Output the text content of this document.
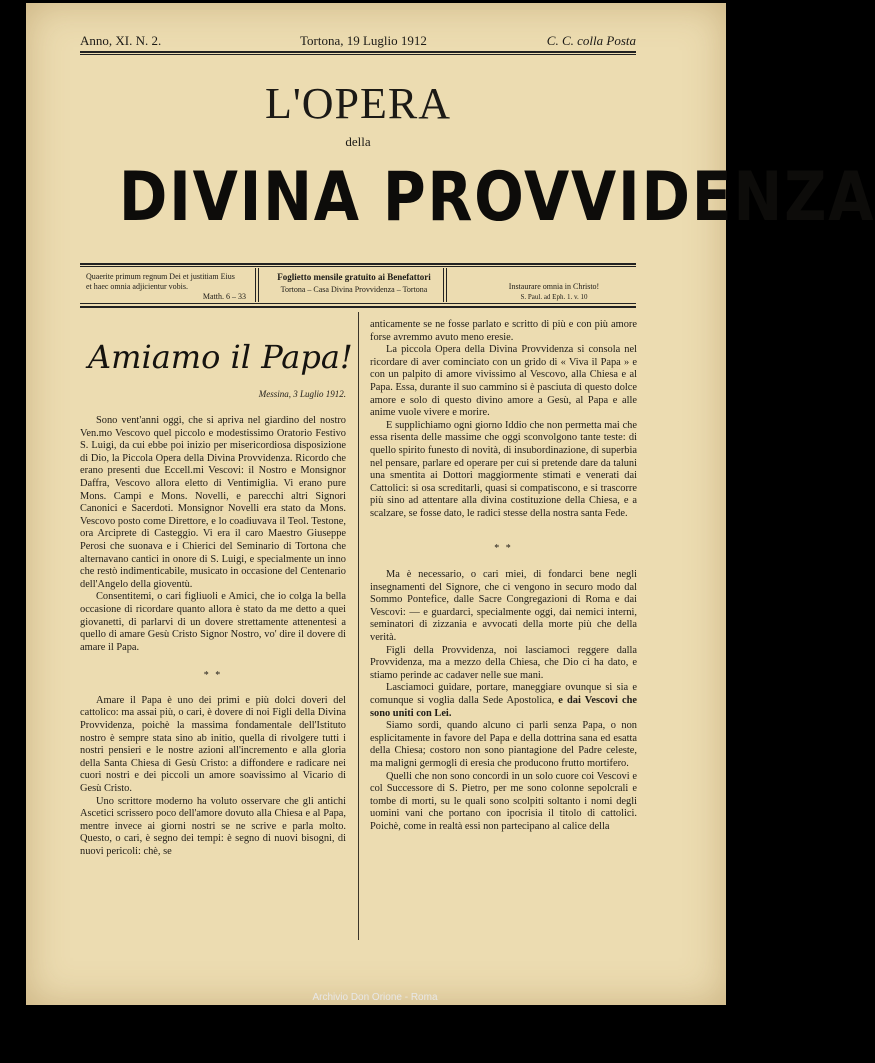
Anno, XI. N. 2.	Tortona, 19 Luglio 1912	C. C. colla Posta
L'OPERA
della
DIVINA PROVVIDENZA
Quaerite primum regnum Dei et justitiam Eius
et haec omnia adjicientur vobis.
Matth. 6 – 33
Foglietto mensile gratuito ai Benefattori
Tortona – Casa Divina Provvidenza – Tortona	Instaurare omnia in Christo!
S. Paul. ad Eph. 1. v. 10
Amiamo il Papa!
Messina, 3 Luglio 1912.

Sono vent'anni oggi, che si apriva nel giardino del nostro Ven.mo Vescovo quel piccolo e modestissimo Oratorio Festivo S. Luigi, da cui ebbe poi inizio per misericordiosa disposizione di Dio, la Piccola Opera della Divina Provvidenza. Ricordo che erano presenti due Eccell.mi Vescovi: il Nostro e Monsignor Daffra, Vescovo allora eletto di Ventimiglia. Vi erano pure Mons. Campi e Mons. Novelli, e parecchi altri Signori Canonici e Sacerdoti. Monsignor Novelli era stato da Mons. Vescovo posto come Direttore, e lo coadiuvava il Teol. Testone, ora Arciprete di Casteggio. Vi era il caro Maestro Giuseppe Perosi che suonava e i Chierici del Seminario di Tortona che alternavano cantici in onore di S. Luigi, e specialmente un inno che restò indimenticabile, musicato in occasione del Centenario dell'Angelo della gioventù.

Consentitemi, o cari figliuoli e Amici, che io colga la bella occasione di ricordare quanto allora è stato da me detto a quei giovanetti, di parlarvi di un dovere strettamente attenentesi a quello di amare Gesù Cristo Signor Nostro, vo' dire il dovere di amare il Papa.

* *

Amare il Papa è uno dei primi e più dolci doveri del cattolico: ma assai più, o cari, è dovere di noi Figli della Divina Provvidenza, poichè la massima fondamentale dell'Istituto nostro è sempre stata sino ab initio, quella di rivolgere tutti i nostri pensieri e le nostre azioni all'incremento e alla gloria della Santa Chiesa di Gesù Cristo: a diffondere e radicare nei cuori nostri e dei piccoli un amore soavissimo al Vicario di Gesù Cristo.

Uno scrittore moderno ha voluto osservare che gli antichi Ascetici scrissero poco dell'amore dovuto alla Chiesa e al Papa, mentre invece ai giorni nostri se ne scrive e parla molto. Questo, o cari, è segno dei tempi: è segno di nuovi bisogni, di nuovi pericoli: chè, se

anticamente se ne fosse parlato e scritto di più e con più amore forse avremmo avuto meno eresie.

La piccola Opera della Divina Provvidenza si consola nel ricordare di aver cominciato con un grido di « Viva il Papa » e con un palpito di amore vivissimo al Vescovo, alla Chiesa e al Papa. Essa, durante il suo cammino si è pasciuta di questo dolce amore e solo di questo divino amore a Gesù, al Papa e alle anime vuole vivere e morire.

E supplichiamo ogni giorno Iddio che non permetta mai che essa risenta delle massime che oggi sconvolgono tante teste: di quello spirito funesto di novità, di insubordinazione, di superbia nel pensare, parlare ed operare per cui si pretende dare da taluni una smentita ai Dottori maggiormente stimati e venerati dai Cattolici: si osa screditarli, quasi si compatiscono, e si trascorre più sino ad attentare alla divina costituzione della Chiesa, e a scalzare, se fosse dato, le radici stesse della nostra santa Fede.

* *

Ma è necessario, o cari miei, di fondarci bene negli insegnamenti del Signore, che ci vengono in securo modo dal Sommo Pontefice, dalle Sacre Congregazioni di Roma e dai Vescovi: — e guardarci, specialmente oggi, dai nemici interni, seminatori di zizzania e avvocati della morte più che della verità.

Figli della Provvidenza, noi lasciamoci reggere dalla Provvidenza, ma a mezzo della Chiesa, che Dio ci ha dato, e stiamo perinde ac cadaver nelle sue mani.

Lasciamoci guidare, portare, maneggiare ovunque si sia e comunque si voglia dalla Sede Apostolica, e dai Vescovi che sono uniti con Lei.

Siamo sordi, quando alcuno ci parli senza Papa, o non esplicitamente in favore del Papa e della dottrina sana ed esatta della Chiesa; costoro non sono piantagione del Padre celeste, ma maligni germogli di eresia che producono frutto mortifero.

Quelli che non sono concordi in un solo cuore coi Vescovi e col Successore di S. Pietro, per me sono colonne sepolcrali e tombe di morti, su le quali sono scolpiti soltanto i nomi degli uomini vani che portano con ipocrisia il titolo di cattolici. Poichè, come in realtà essi non partecipano al calice della

Archivio Don Orione - Roma
